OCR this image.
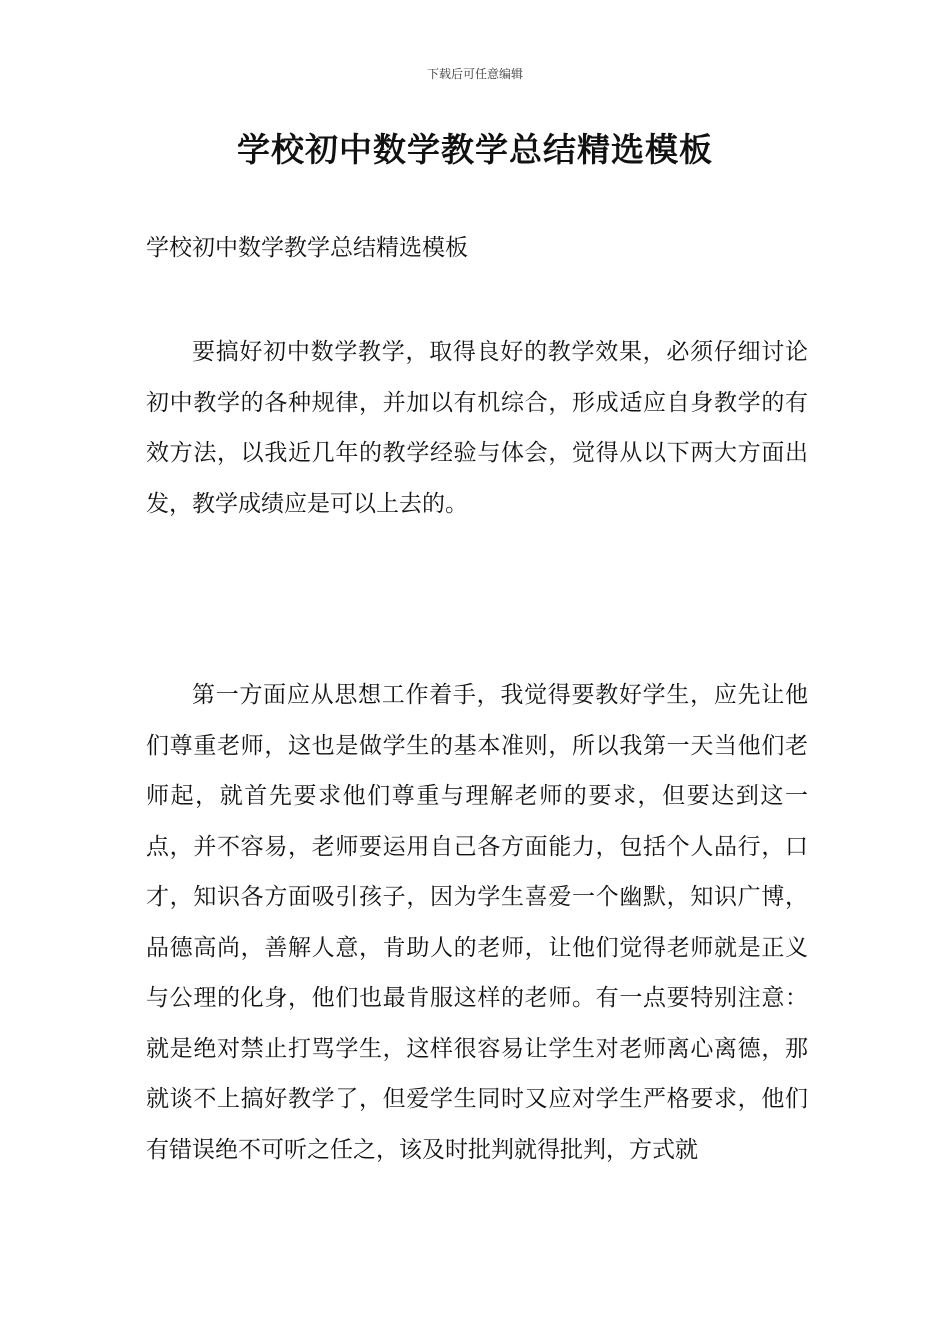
下载后可任意编辑
学校初中数学教学总结精选模板

学校初中数学教学总结精选模板

要搞好初中数学教学，取得良好的教学效果，必须仔细讨论初中教学的各种规律，并加以有机综合，形成适应自身教学的有效方法，以我近几年的教学经验与体会，觉得从以下两大方面出发，教学成绩应是可以上去的。

第一方面应从思想工作着手，我觉得要教好学生，应先让他们尊重老师，这也是做学生的基本准则，所以我第一天当他们老师起，就首先要求他们尊重与理解老师的要求，但要达到这一点，并不容易，老师要运用自己各方面能力，包括个人品行，口才，知识各方面吸引孩子，因为学生喜爱一个幽默，知识广博，品德高尚，善解人意，肯助人的老师，让他们觉得老师就是正义与公理的化身，他们也最肯服这样的老师。有一点要特别注意：就是绝对禁止打骂学生，这样很容易让学生对老师离心离德，那就谈不上搞好教学了，但爱学生同时又应对学生严格要求，他们有错误绝不可听之任之，该及时批判就得批判，方式就
